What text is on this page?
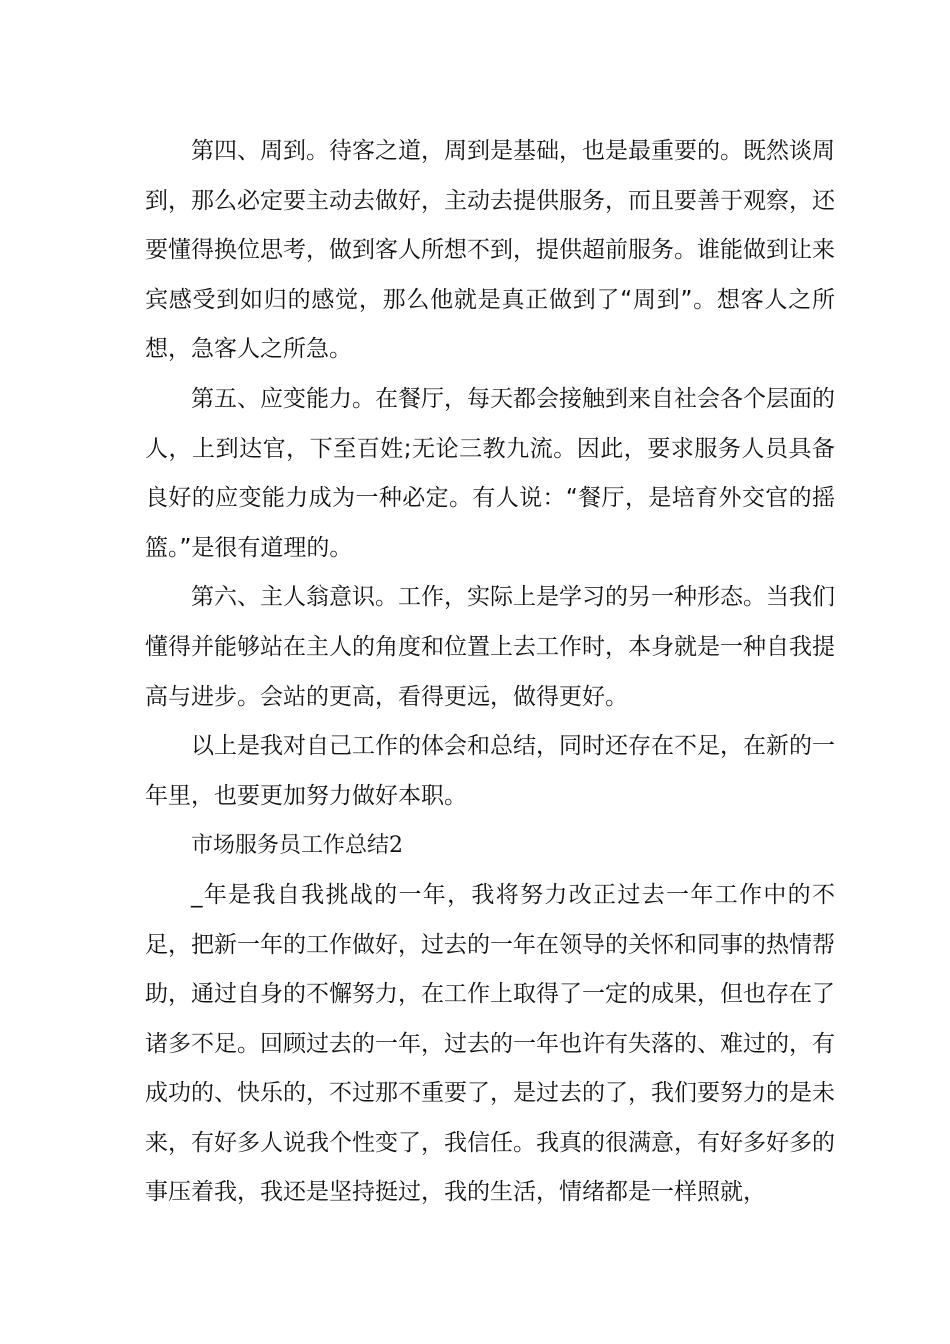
第四、周到。待客之道，周到是基础，也是最重要的。既然谈周到，那么必定要主动去做好，主动去提供服务，而且要善于观察，还要懂得换位思考，做到客人所想不到，提供超前服务。谁能做到让来宾感受到如归的感觉，那么他就是真正做到了“周到”。想客人之所想，急客人之所急。

第五、应变能力。在餐厅，每天都会接触到来自社会各个层面的人，上到达官，下至百姓;无论三教九流。因此，要求服务人员具备良好的应变能力成为一种必定。有人说：“餐厅，是培育外交官的摇篮。”是很有道理的。

第六、主人翁意识。工作，实际上是学习的另一种形态。当我们懂得并能够站在主人的角度和位置上去工作时，本身就是一种自我提高与进步。会站的更高，看得更远，做得更好。

以上是我对自己工作的体会和总结，同时还存在不足，在新的一年里，也要更加努力做好本职。

市场服务员工作总结2

_年是我自我挑战的一年，我将努力改正过去一年工作中的不足，把新一年的工作做好，过去的一年在领导的关怀和同事的热情帮助，通过自身的不懈努力，在工作上取得了一定的成果，但也存在了诸多不足。回顾过去的一年，过去的一年也许有失落的、难过的，有成功的、快乐的，不过那不重要了，是过去的了，我们要努力的是未来，有好多人说我个性变了，我信任。我真的很满意，有好多好多的事压着我，我还是坚持挺过，我的生活，情绪都是一样照就，
